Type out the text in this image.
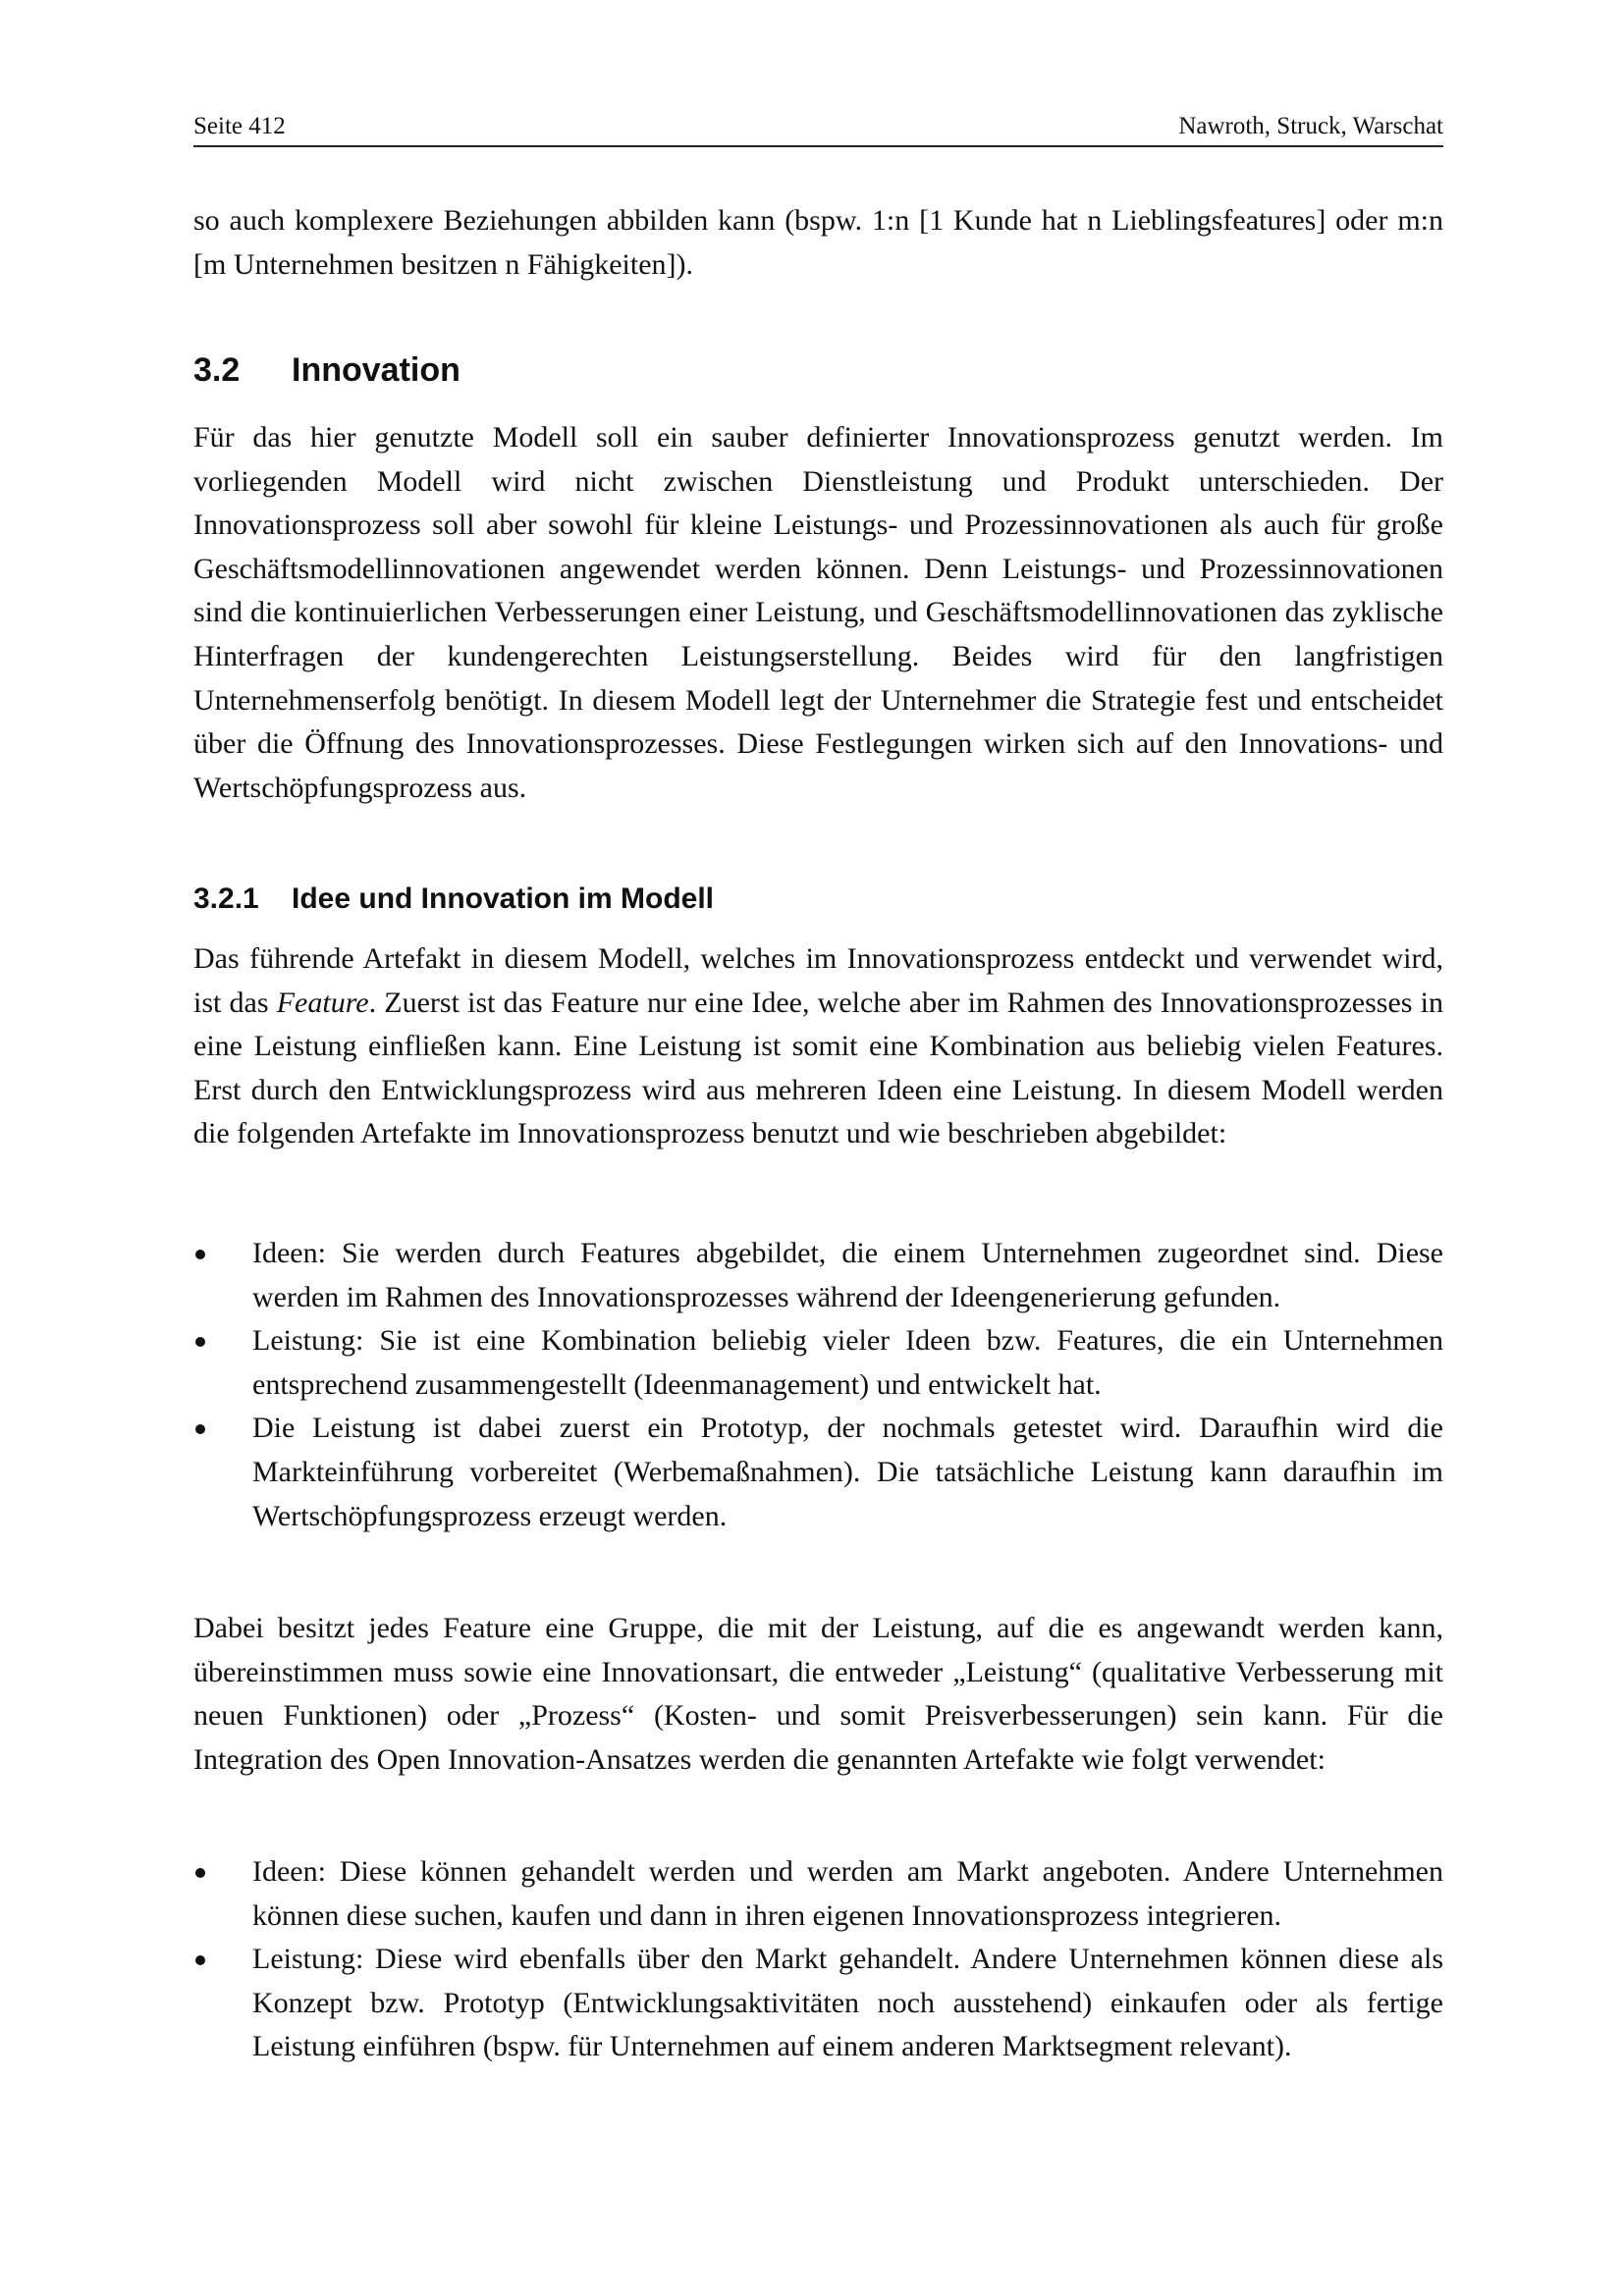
Seite 412	Nawroth, Struck, Warschat

so auch komplexere Beziehungen abbilden kann (bspw. 1:n [1 Kunde hat n Lieblingsfeatures] oder m:n [m Unternehmen besitzen n Fähigkeiten]).

3.2 Innovation

Für das hier genutzte Modell soll ein sauber definierter Innovationsprozess genutzt werden. Im vorliegenden Modell wird nicht zwischen Dienstleistung und Produkt unterschieden. Der Innovationsprozess soll aber sowohl für kleine Leistungs- und Prozessinnovationen als auch für große Geschäftsmodellinnovationen angewendet werden können. Denn Leistungs- und Prozessinnovationen sind die kontinuierlichen Verbesserungen einer Leistung, und Geschäftsmodellinnovationen das zyklische Hinterfragen der kundengerechten Leistungserstellung. Beides wird für den langfristigen Unternehmenserfolg benötigt. In diesem Modell legt der Unternehmer die Strategie fest und entscheidet über die Öffnung des Innovationsprozesses. Diese Festlegungen wirken sich auf den Innovations- und Wertschöpfungsprozess aus.

3.2.1 Idee und Innovation im Modell

Das führende Artefakt in diesem Modell, welches im Innovationsprozess entdeckt und verwendet wird, ist das Feature. Zuerst ist das Feature nur eine Idee, welche aber im Rahmen des Innovationsprozesses in eine Leistung einfließen kann. Eine Leistung ist somit eine Kombination aus beliebig vielen Features. Erst durch den Entwicklungsprozess wird aus mehreren Ideen eine Leistung. In diesem Modell werden die folgenden Artefakte im Innovationsprozess benutzt und wie beschrieben abgebildet:

Ideen: Sie werden durch Features abgebildet, die einem Unternehmen zugeordnet sind. Diese werden im Rahmen des Innovationsprozesses während der Ideengenerierung gefunden.
Leistung: Sie ist eine Kombination beliebig vieler Ideen bzw. Features, die ein Unternehmen entsprechend zusammengestellt (Ideenmanagement) und entwickelt hat.
Die Leistung ist dabei zuerst ein Prototyp, der nochmals getestet wird. Daraufhin wird die Markteinführung vorbereitet (Werbemaßnahmen). Die tatsächliche Leistung kann daraufhin im Wertschöpfungsprozess erzeugt werden.

Dabei besitzt jedes Feature eine Gruppe, die mit der Leistung, auf die es angewandt werden kann, übereinstimmen muss sowie eine Innovationsart, die entweder „Leistung“ (qualitative Verbesserung mit neuen Funktionen) oder „Prozess“ (Kosten- und somit Preisverbesserungen) sein kann. Für die Integration des Open Innovation-Ansatzes werden die genannten Artefakte wie folgt verwendet:

Ideen: Diese können gehandelt werden und werden am Markt angeboten. Andere Unternehmen können diese suchen, kaufen und dann in ihren eigenen Innovationsprozess integrieren.
Leistung: Diese wird ebenfalls über den Markt gehandelt. Andere Unternehmen können diese als Konzept bzw. Prototyp (Entwicklungsaktivitäten noch ausstehend) einkaufen oder als fertige Leistung einführen (bspw. für Unternehmen auf einem anderen Marktsegment relevant).
